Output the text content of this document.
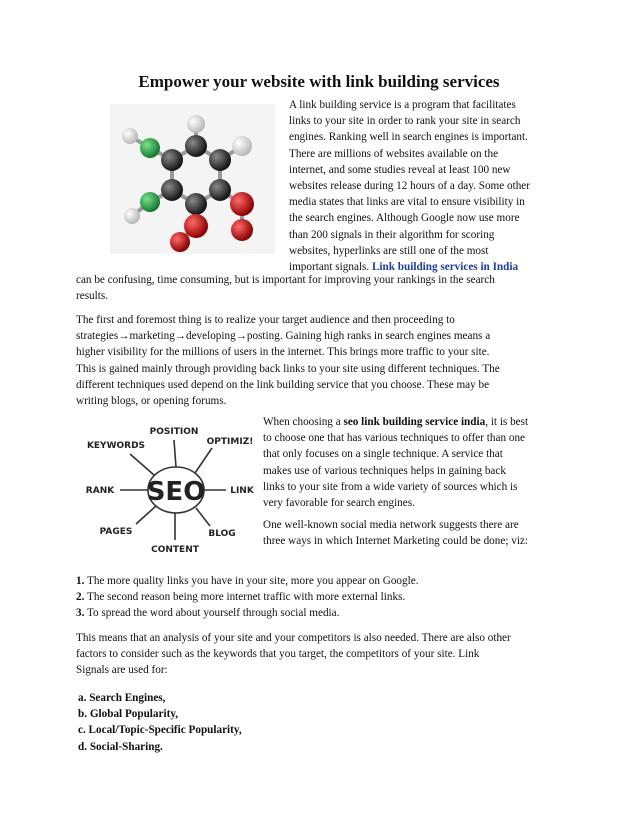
Empower your website with link building services
A link building service is a program that facilitates
links to your site in order to rank your site in search
engines. Ranking well in search engines is important.
There are millions of websites available on the
internet, and some studies reveal at least 100 new
websites release during 12 hours of a day. Some other
media states that links are vital to ensure visibility in
the search engines. Although Google now use more
than 200 signals in their algorithm for scoring
websites, hyperlinks are still one of the most
important signals. Link building services in India
can be confusing, time consuming, but is important for improving your rankings in the search
results.
The first and foremost thing is to realize your target audience and then proceeding to
strategies→marketing→developing→posting. Gaining high ranks in search engines means a
higher visibility for the millions of users in the internet. This brings more traffic to your site.
This is gained mainly through providing back links to your site using different techniques. The
different techniques used depend on the link building service that you choose. These may be
writing blogs, or opening forums.
SEO
POSITION
OPTIMIZ!
LINK
BLOG
CONTENT
PAGES
RANK
KEYWORDS
When choosing a seo link building service india, it is best
to choose one that has various techniques to offer than one
that only focuses on a single technique. A service that
makes use of various techniques helps in gaining back
links to your site from a wide variety of sources which is
very favorable for search engines.
One well-known social media network suggests there are
three ways in which Internet Marketing could be done; viz:
1. The more quality links you have in your site, more you appear on Google.
2. The second reason being more internet traffic with more external links.
3. To spread the word about yourself through social media.
This means that an analysis of your site and your competitors is also needed. There are also other
factors to consider such as the keywords that you target, the competitors of your site. Link
Signals are used for:
a. Search Engines,
b. Global Popularity,
c. Local/Topic-Specific Popularity,
d. Social-Sharing.
